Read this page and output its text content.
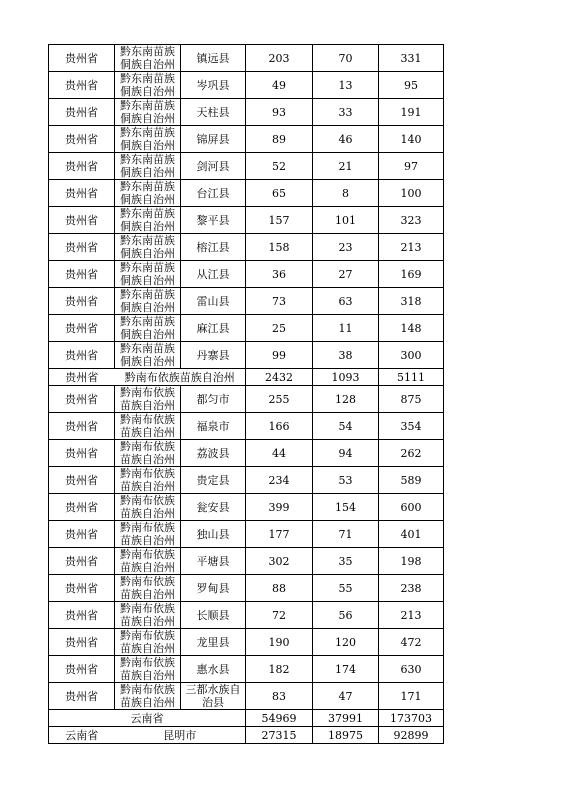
贵州省	黔东南苗族侗族自治州	镇远县	203	70	331
贵州省	黔东南苗族侗族自治州	岑巩县	49	13	95
贵州省	黔东南苗族侗族自治州	天柱县	93	33	191
贵州省	黔东南苗族侗族自治州	锦屏县	89	46	140
贵州省	黔东南苗族侗族自治州	剑河县	52	21	97
贵州省	黔东南苗族侗族自治州	台江县	65	8	100
贵州省	黔东南苗族侗族自治州	黎平县	157	101	323
贵州省	黔东南苗族侗族自治州	榕江县	158	23	213
贵州省	黔东南苗族侗族自治州	从江县	36	27	169
贵州省	黔东南苗族侗族自治州	雷山县	73	63	318
贵州省	黔东南苗族侗族自治州	麻江县	25	11	148
贵州省	黔东南苗族侗族自治州	丹寨县	99	38	300
贵州省	黔南布依族苗族自治州		2432	1093	5111
贵州省	黔南布依族苗族自治州	都匀市	255	128	875
贵州省	黔南布依族苗族自治州	福泉市	166	54	354
贵州省	黔南布依族苗族自治州	荔波县	44	94	262
贵州省	黔南布依族苗族自治州	贵定县	234	53	589
贵州省	黔南布依族苗族自治州	瓮安县	399	154	600
贵州省	黔南布依族苗族自治州	独山县	177	71	401
贵州省	黔南布依族苗族自治州	平塘县	302	35	198
贵州省	黔南布依族苗族自治州	罗甸县	88	55	238
贵州省	黔南布依族苗族自治州	长顺县	72	56	213
贵州省	黔南布依族苗族自治州	龙里县	190	120	472
贵州省	黔南布依族苗族自治州	惠水县	182	174	630
贵州省	黔南布依族苗族自治州	三都水族自治县	83	47	171
云南省			54969	37991	173703
云南省	昆明市		27315	18975	92899
